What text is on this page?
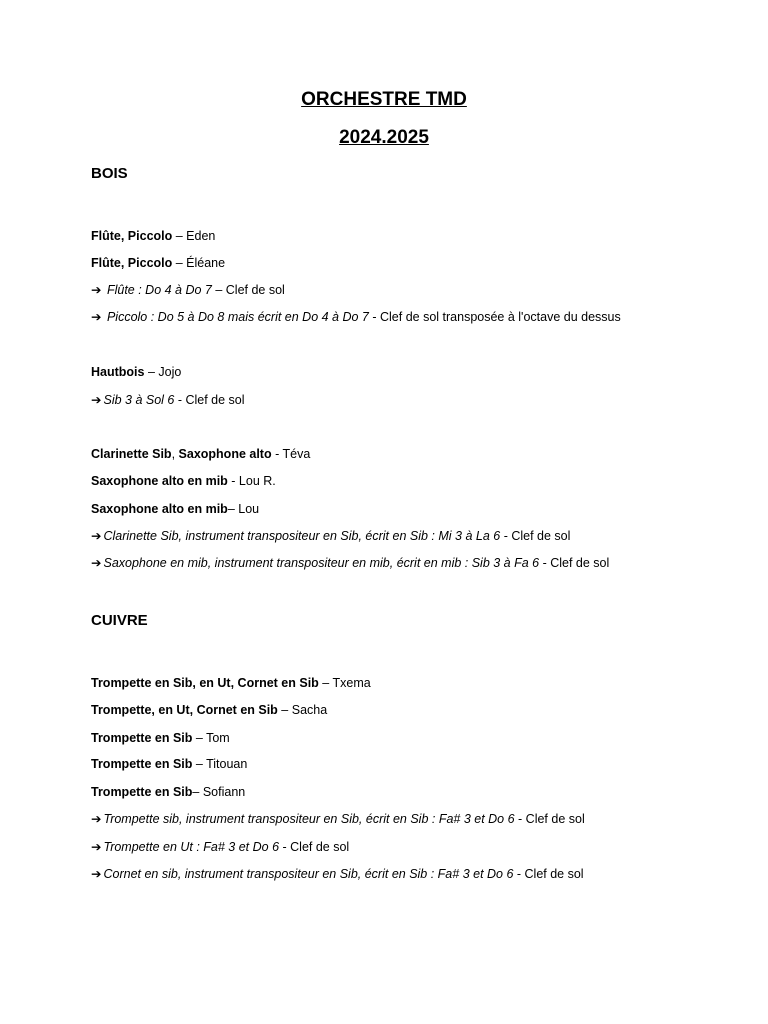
ORCHESTRE TMD
2024.2025
BOIS
Flûte, Piccolo – Eden
Flûte, Piccolo – Éléane
➔ Flûte : Do 4 à Do 7 – Clef de sol
➔ Piccolo : Do 5 à Do 8 mais écrit en Do 4 à Do 7 - Clef de sol transposée à l'octave du dessus
Hautbois – Jojo
➔ Sib 3 à Sol 6 - Clef de sol
Clarinette Sib, Saxophone alto - Téva
Saxophone alto en mib - Lou R.
Saxophone alto en mib– Lou
➔ Clarinette Sib, instrument transpositeur en Sib, écrit en Sib : Mi 3 à La 6 - Clef de sol
➔ Saxophone en mib, instrument transpositeur en mib, écrit en mib : Sib 3 à Fa 6 - Clef de sol
CUIVRE
Trompette en Sib, en Ut, Cornet en Sib – Txema
Trompette, en Ut, Cornet en Sib – Sacha
Trompette en Sib – Tom
Trompette en Sib – Titouan
Trompette en Sib– Sofiann
➔ Trompette sib, instrument transpositeur en Sib, écrit en Sib : Fa# 3 et Do 6 - Clef de sol
➔ Trompette en Ut : Fa# 3 et Do 6 - Clef de sol
➔ Cornet en sib, instrument transpositeur en Sib, écrit en Sib : Fa# 3 et Do 6 - Clef de sol
